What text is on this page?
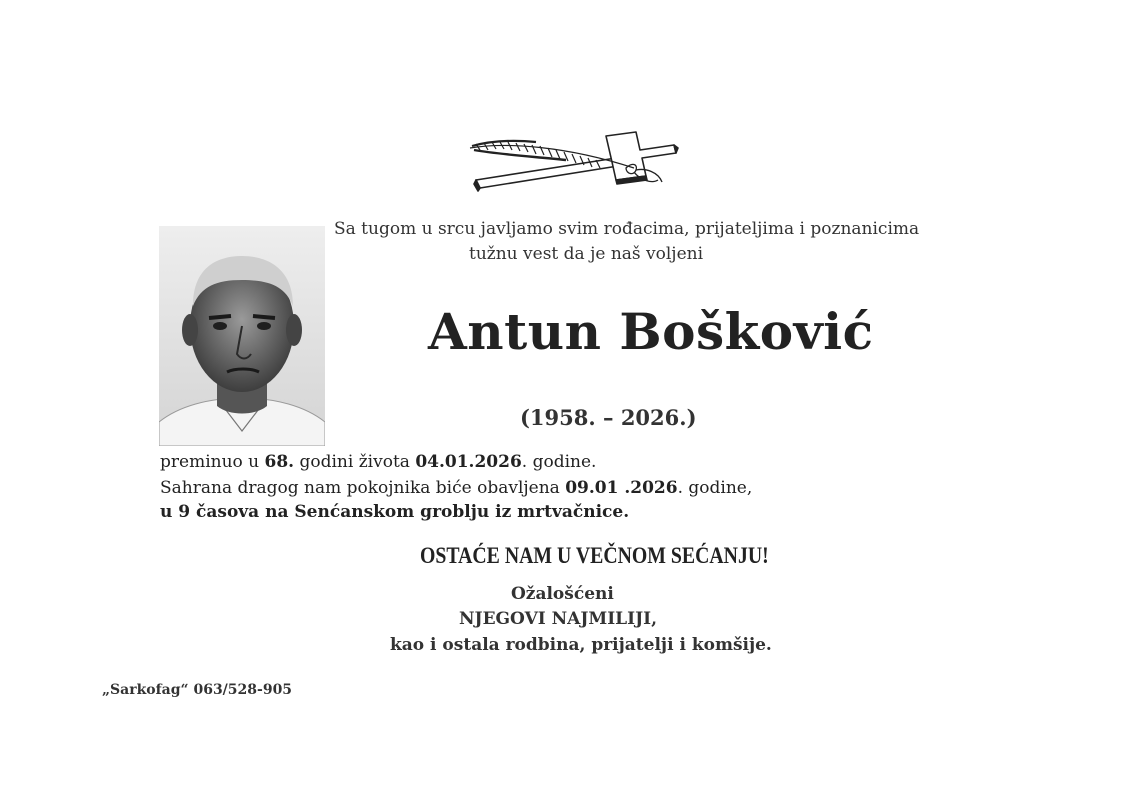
Sa tugom u srcu javljamo svim rođacima, prijateljima i poznanicima

tužnu vest da je naš voljeni

Antun Bošković

(1958. – 2026.)

preminuo u 68. godini života 04.01.2026. godine.

Sahrana dragog nam pokojnika biće obavljena 09.01 .2026. godine,

u 9 časova na Senćanskom groblju iz mrtvačnice.

OSTAĆE NAM U VEČNOM SEĆANJU!

Ožalošćeni

NJEGOVI NAJMILIJI,

kao i ostala rodbina, prijatelji i komšije.

„Sarkofag“ 063/528-905
